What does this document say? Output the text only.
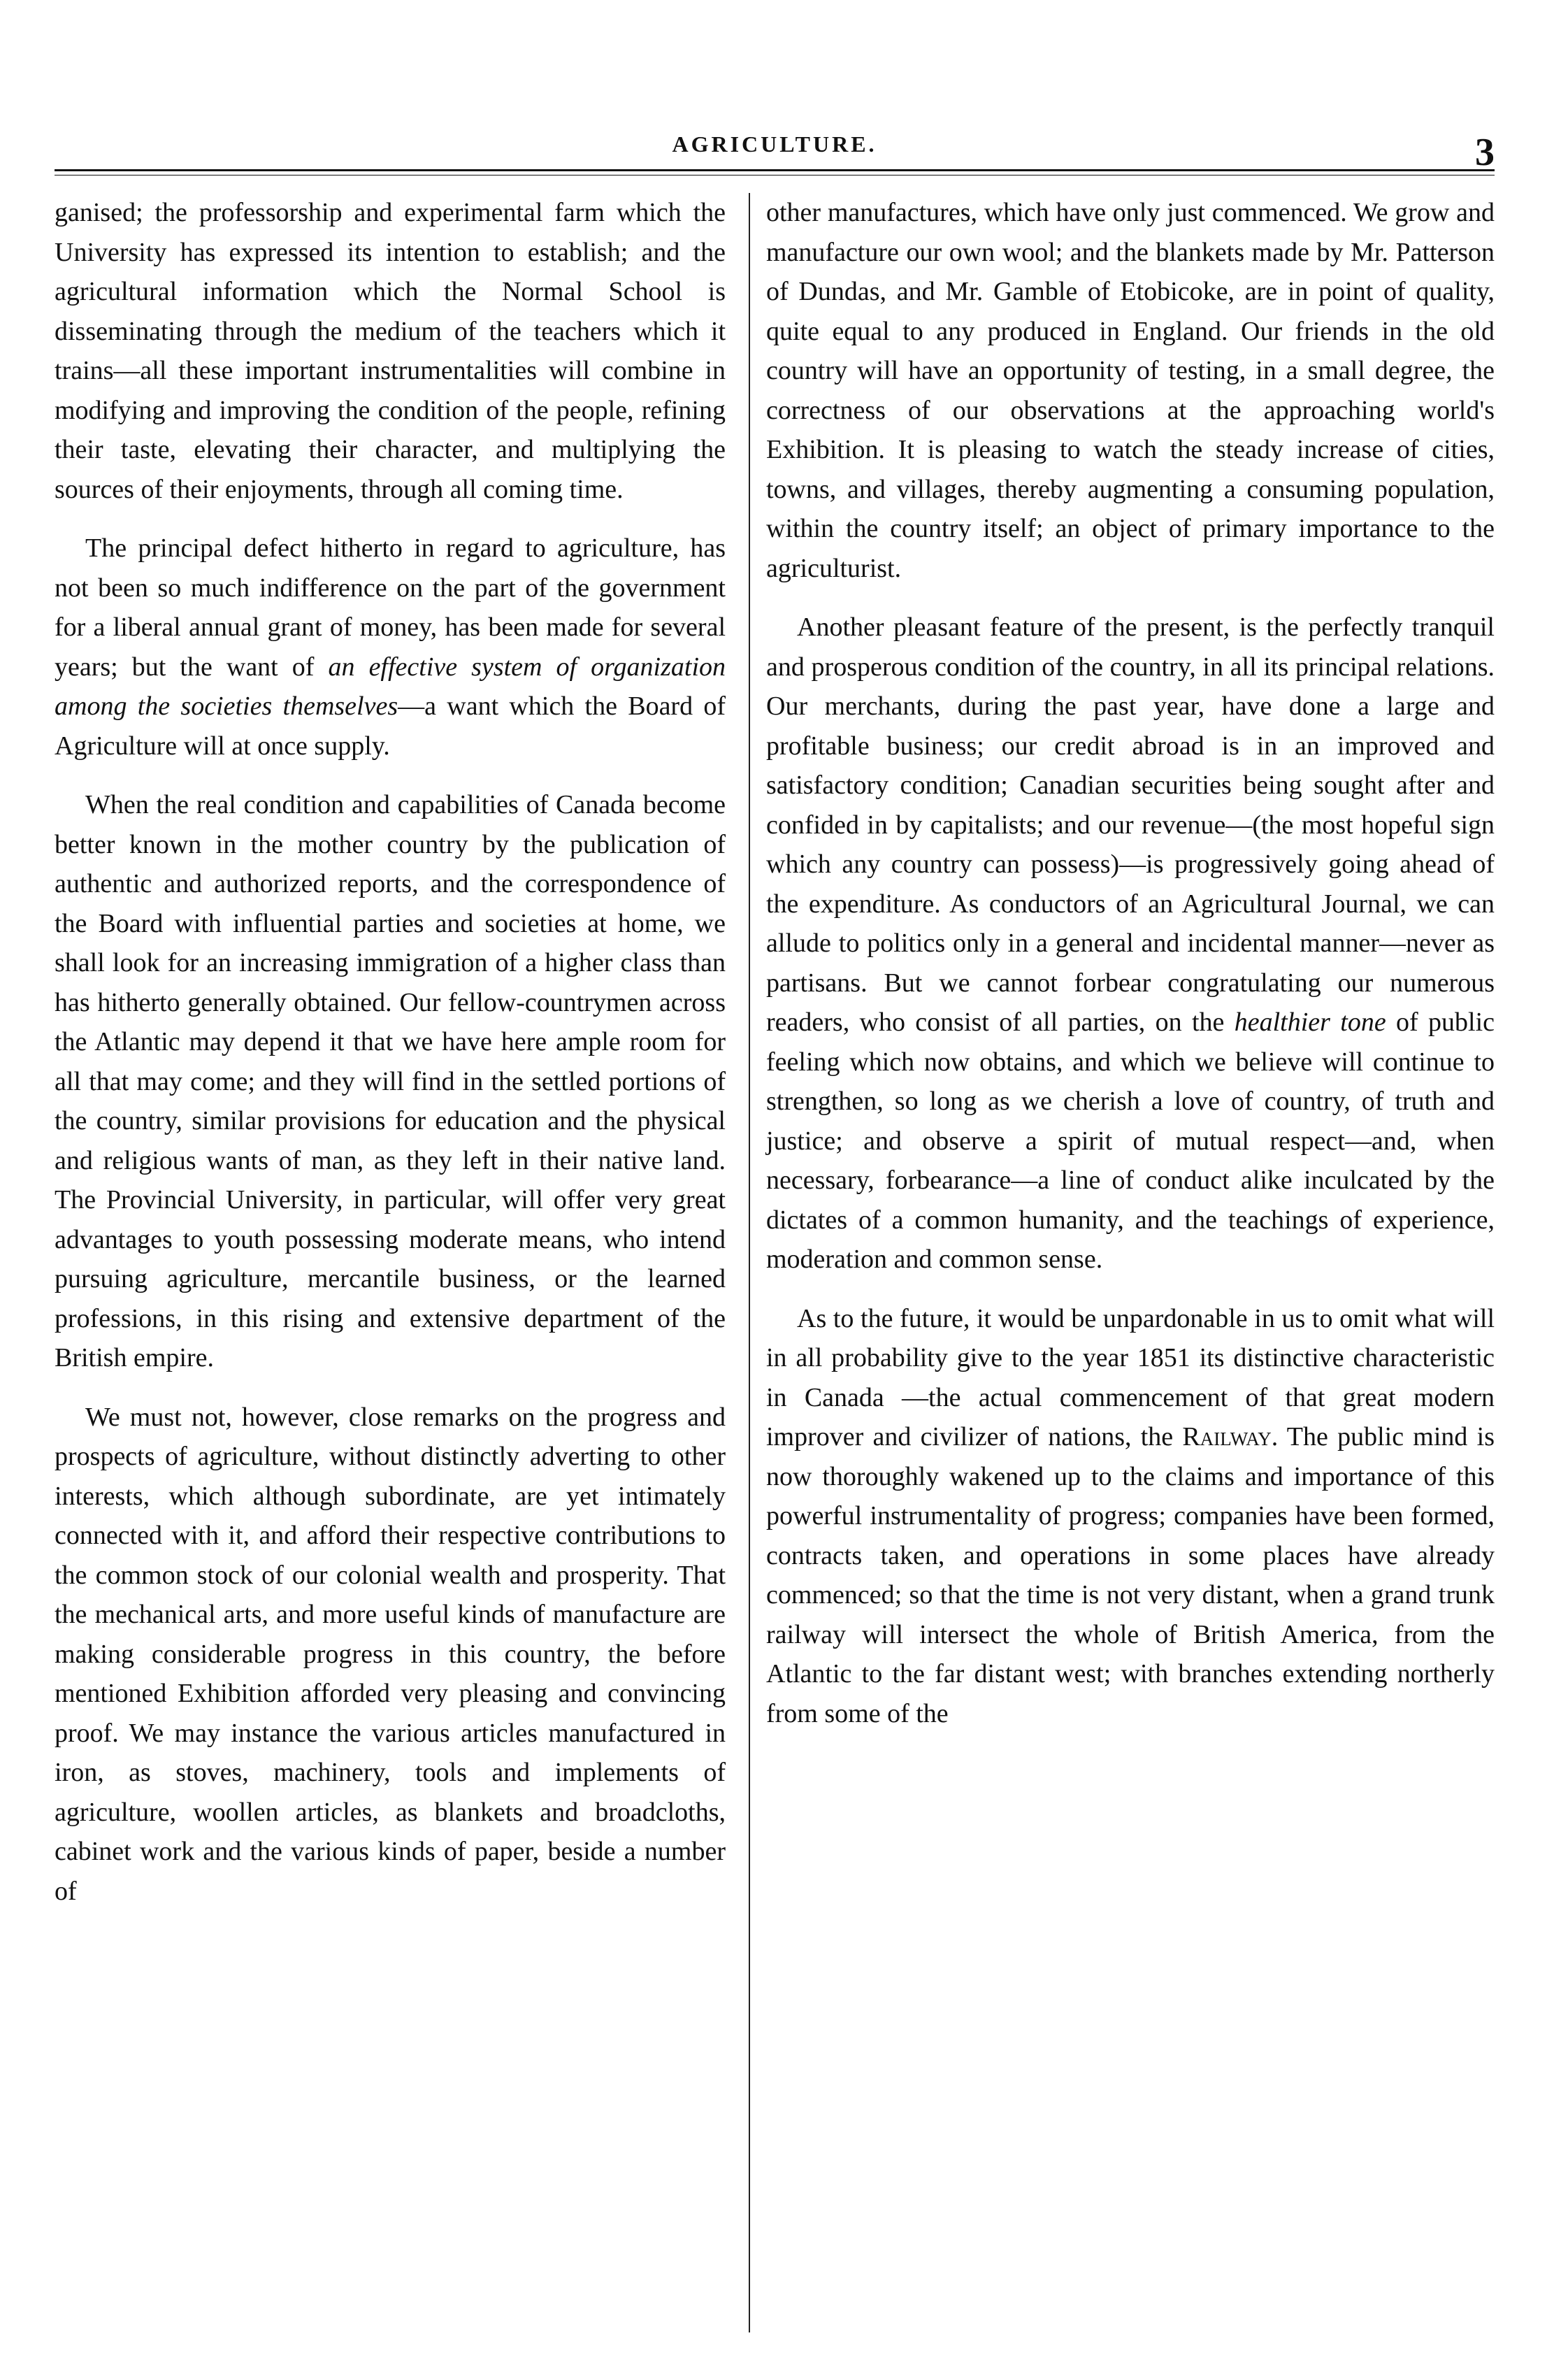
AGRICULTURE.	3

ganised; the professorship and experimental farm which the University has expressed its intention to establish; and the agricultural information which the Normal School is disseminating through the medium of the teachers which it trains—all these important instrumentalities will combine in modifying and improving the condition of the people, refining their taste, elevating their character, and multiplying the sources of their enjoyments, through all coming time.

The principal defect hitherto in regard to agriculture, has not been so much indifference on the part of the government for a liberal annual grant of money, has been made for several years; but the want of an effective system of organization among the societies themselves—a want which the Board of Agriculture will at once supply.

When the real condition and capabilities of Canada become better known in the mother country by the publication of authentic and authorized reports, and the correspondence of the Board with influential parties and societies at home, we shall look for an increasing immigration of a higher class than has hitherto generally obtained. Our fellow-countrymen across the Atlantic may depend it that we have here ample room for all that may come; and they will find in the settled portions of the country, similar provisions for education and the physical and religious wants of man, as they left in their native land. The Provincial University, in particular, will offer very great advantages to youth possessing moderate means, who intend pursuing agriculture, mercantile business, or the learned professions, in this rising and extensive department of the British empire.

We must not, however, close remarks on the progress and prospects of agriculture, without distinctly adverting to other interests, which although subordinate, are yet intimately connected with it, and afford their respective contributions to the common stock of our colonial wealth and prosperity. That the mechanical arts, and more useful kinds of manufacture are making considerable progress in this country, the before mentioned Exhibition afforded very pleasing and convincing proof. We may instance the various articles manufactured in iron, as stoves, machinery, tools and implements of agriculture, woollen articles, as blankets and broadcloths, cabinet work and the various kinds of paper, beside a number of

other manufactures, which have only just commenced. We grow and manufacture our own wool; and the blankets made by Mr. Patterson of Dundas, and Mr. Gamble of Etobicoke, are in point of quality, quite equal to any produced in England. Our friends in the old country will have an opportunity of testing, in a small degree, the correctness of our observations at the approaching world's Exhibition. It is pleasing to watch the steady increase of cities, towns, and villages, thereby augmenting a consuming population, within the country itself; an object of primary importance to the agriculturist.

Another pleasant feature of the present, is the perfectly tranquil and prosperous condition of the country, in all its principal relations. Our merchants, during the past year, have done a large and profitable business; our credit abroad is in an improved and satisfactory condition; Canadian securities being sought after and confided in by capitalists; and our revenue—(the most hopeful sign which any country can possess)—is progressively going ahead of the expenditure. As conductors of an Agricultural Journal, we can allude to politics only in a general and incidental manner—never as partisans. But we cannot forbear congratulating our numerous readers, who consist of all parties, on the healthier tone of public feeling which now obtains, and which we believe will continue to strengthen, so long as we cherish a love of country, of truth and justice; and observe a spirit of mutual respect—and, when necessary, forbearance—a line of conduct alike inculcated by the dictates of a common humanity, and the teachings of experience, moderation and common sense.

As to the future, it would be unpardonable in us to omit what will in all probability give to the year 1851 its distinctive characteristic in Canada —the actual commencement of that great modern improver and civilizer of nations, the Railway. The public mind is now thoroughly wakened up to the claims and importance of this powerful instrumentality of progress; companies have been formed, contracts taken, and operations in some places have already commenced; so that the time is not very distant, when a grand trunk railway will intersect the whole of British America, from the Atlantic to the far distant west; with branches extending northerly from some of the
